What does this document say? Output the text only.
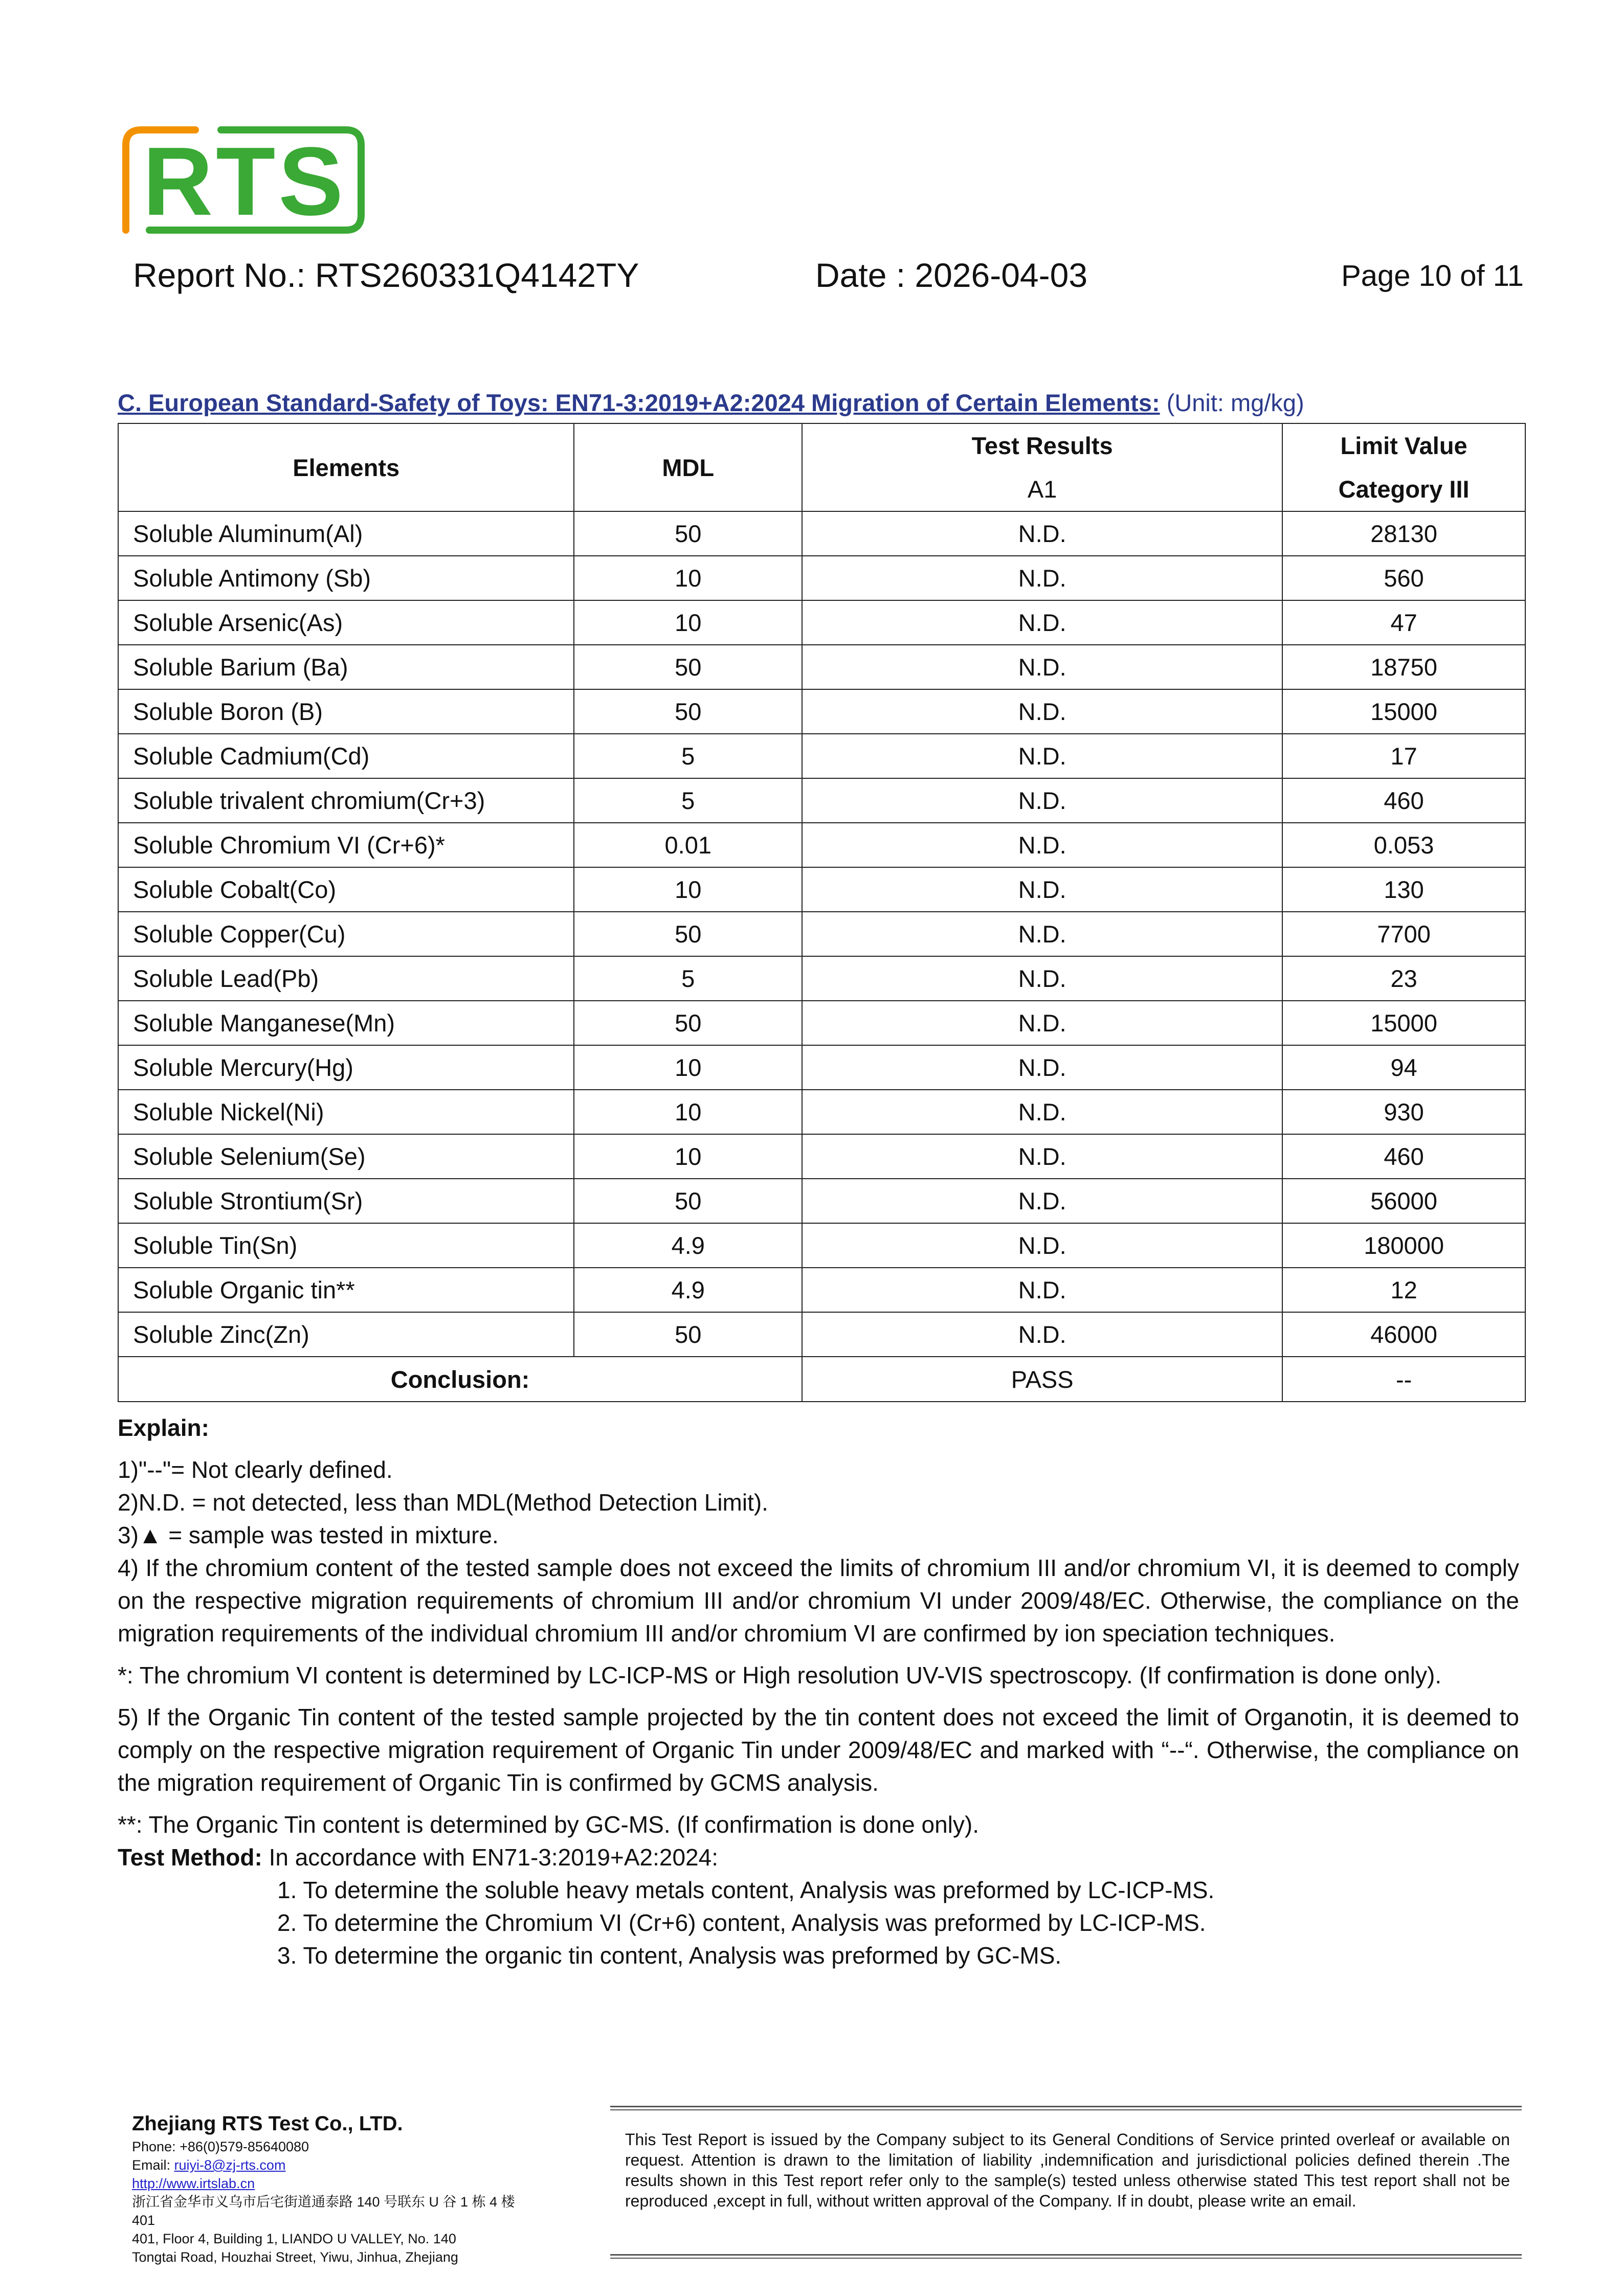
RTS
Report No.: RTS260331Q4142TY	Date : 2026-04-03	Page 10 of 11
C. European Standard-Safety of Toys: EN71-3:2019+A2:2024 Migration of Certain Elements: (Unit: mg/kg)
Elements	MDL	Test Results	Limit Value
		A1	Category III
Soluble Aluminum(Al)	50	N.D.	28130
Soluble Antimony (Sb)	10	N.D.	560
Soluble Arsenic(As)	10	N.D.	47
Soluble Barium (Ba)	50	N.D.	18750
Soluble Boron (B)	50	N.D.	15000
Soluble Cadmium(Cd)	5	N.D.	17
Soluble trivalent chromium(Cr+3)	5	N.D.	460
Soluble Chromium VI (Cr+6)*	0.01	N.D.	0.053
Soluble Cobalt(Co)	10	N.D.	130
Soluble Copper(Cu)	50	N.D.	7700
Soluble Lead(Pb)	5	N.D.	23
Soluble Manganese(Mn)	50	N.D.	15000
Soluble Mercury(Hg)	10	N.D.	94
Soluble Nickel(Ni)	10	N.D.	930
Soluble Selenium(Se)	10	N.D.	460
Soluble Strontium(Sr)	50	N.D.	56000
Soluble Tin(Sn)	4.9	N.D.	180000
Soluble Organic tin**	4.9	N.D.	12
Soluble Zinc(Zn)	50	N.D.	46000
Conclusion:		PASS	--

Explain:

1)"--"= Not clearly defined.

2)N.D. = not detected, less than MDL(Method Detection Limit).

3)▲ = sample was tested in mixture.

4) If the chromium content of the tested sample does not exceed the limits of chromium III and/or chromium VI, it is deemed to comply on the respective migration requirements of chromium III and/or chromium VI under 2009/48/EC. Otherwise, the compliance on the migration requirements of the individual chromium III and/or chromium VI are confirmed by ion speciation techniques.

*: The chromium VI content is determined by LC-ICP-MS or High resolution UV-VIS spectroscopy. (If confirmation is done only).

5) If the Organic Tin content of the tested sample projected by the tin content does not exceed the limit of Organotin, it is deemed to comply on the respective migration requirement of Organic Tin under 2009/48/EC and marked with “--“. Otherwise, the compliance on the migration requirement of Organic Tin is confirmed by GCMS analysis.

**: The Organic Tin content is determined by GC-MS. (If confirmation is done only).

Test Method: In accordance with EN71-3:2019+A2:2024:

1. To determine the soluble heavy metals content, Analysis was preformed by LC-ICP-MS.

2. To determine the Chromium VI (Cr+6) content, Analysis was preformed by LC-ICP-MS.

3. To determine the organic tin content, Analysis was preformed by GC-MS.

Zhejiang RTS Test Co., LTD.
Phone: +86(0)579-85640080
Email: ruiyi-8@zj-rts.com
http://www.irtslab.cn
浙江省金华市义乌市后宅街道通泰路 140 号联东 U 谷 1 栋 4 楼 401
401, Floor 4, Building 1, LIANDO U VALLEY, No. 140
Tongtai Road, Houzhai Street, Yiwu, Jinhua, Zhejiang
This Test Report is issued by the Company subject to its General Conditions of Service printed overleaf or available on request. Attention is drawn to the limitation of liability ,indemnification and jurisdictional policies defined therein .The results shown in this Test report refer only to the sample(s) tested unless otherwise stated This test report shall not be reproduced ,except in full, without written approval of the Company. If in doubt, please write an email.
